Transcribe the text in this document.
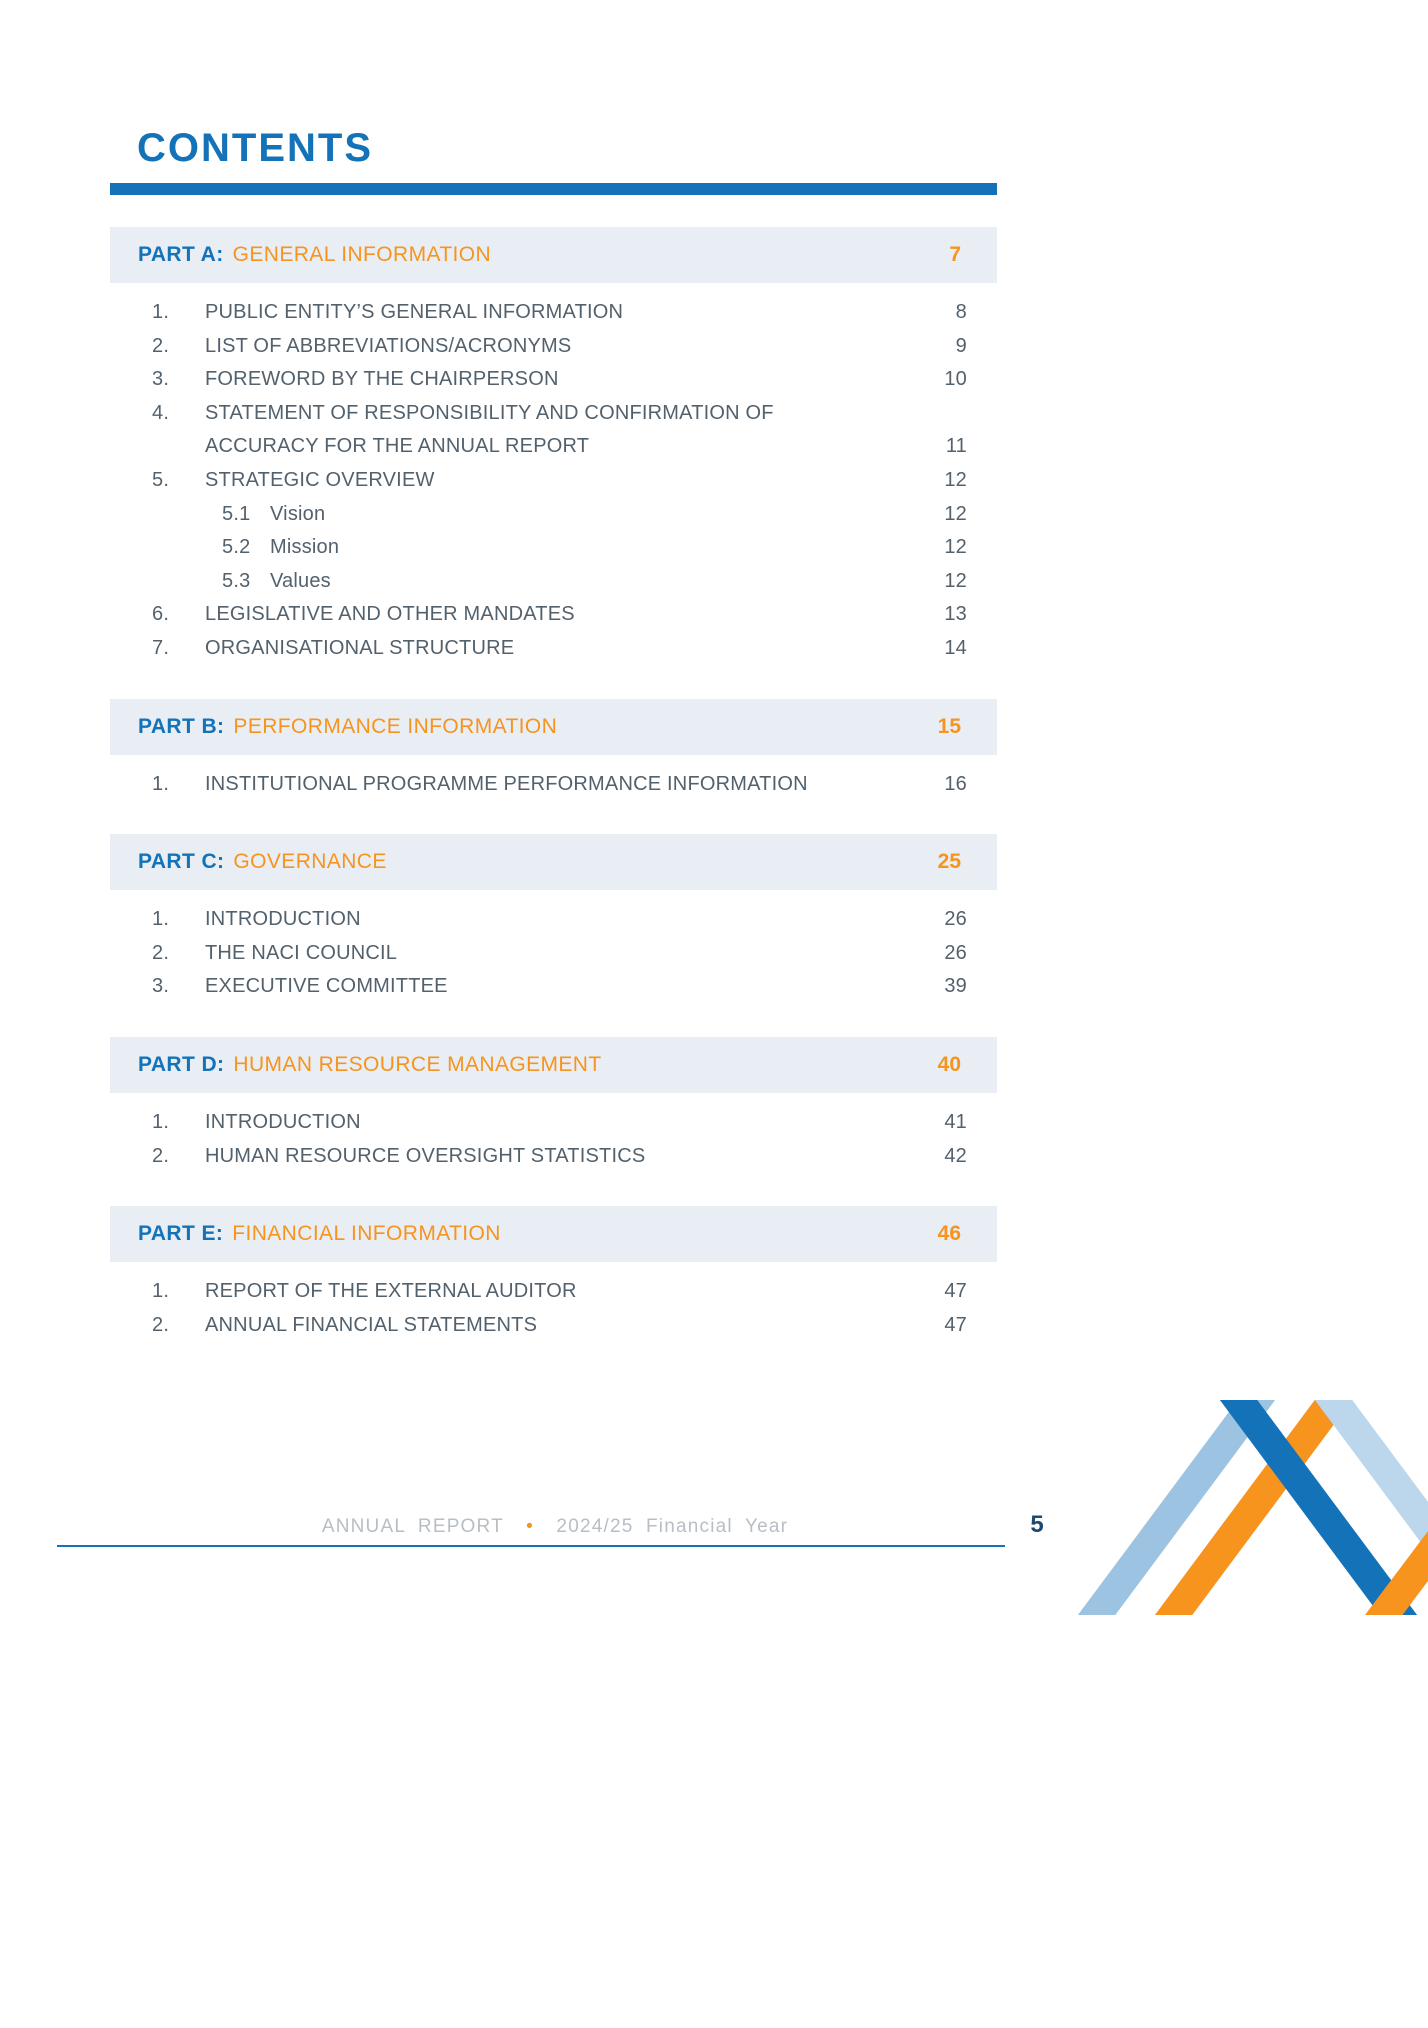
CONTENTS
PART A: GENERAL INFORMATION	7
1.	PUBLIC ENTITY’S GENERAL INFORMATION	8
2.	LIST OF ABBREVIATIONS/ACRONYMS	9
3.	FOREWORD BY THE CHAIRPERSON	10
4.	STATEMENT OF RESPONSIBILITY AND CONFIRMATION OF
ACCURACY FOR THE ANNUAL REPORT	11
5.	STRATEGIC OVERVIEW	12
5.1 Vision	12
5.2 Mission	12
5.3 Values	12
6.	LEGISLATIVE AND OTHER MANDATES	13
7.	ORGANISATIONAL STRUCTURE	14
PART B: PERFORMANCE INFORMATION	15
1.	INSTITUTIONAL PROGRAMME PERFORMANCE INFORMATION	16
PART C: GOVERNANCE	25
1.	INTRODUCTION	26
2.	THE NACI COUNCIL	26
3.	EXECUTIVE COMMITTEE	39
PART D: HUMAN RESOURCE MANAGEMENT	40
1.	INTRODUCTION	41
2.	HUMAN RESOURCE OVERSIGHT STATISTICS	42
PART E: FINANCIAL INFORMATION	46
1.	REPORT OF THE EXTERNAL AUDITOR	47
2.	ANNUAL FINANCIAL STATEMENTS	47
ANNUAL REPORT • 2024/25 Financial Year	5
